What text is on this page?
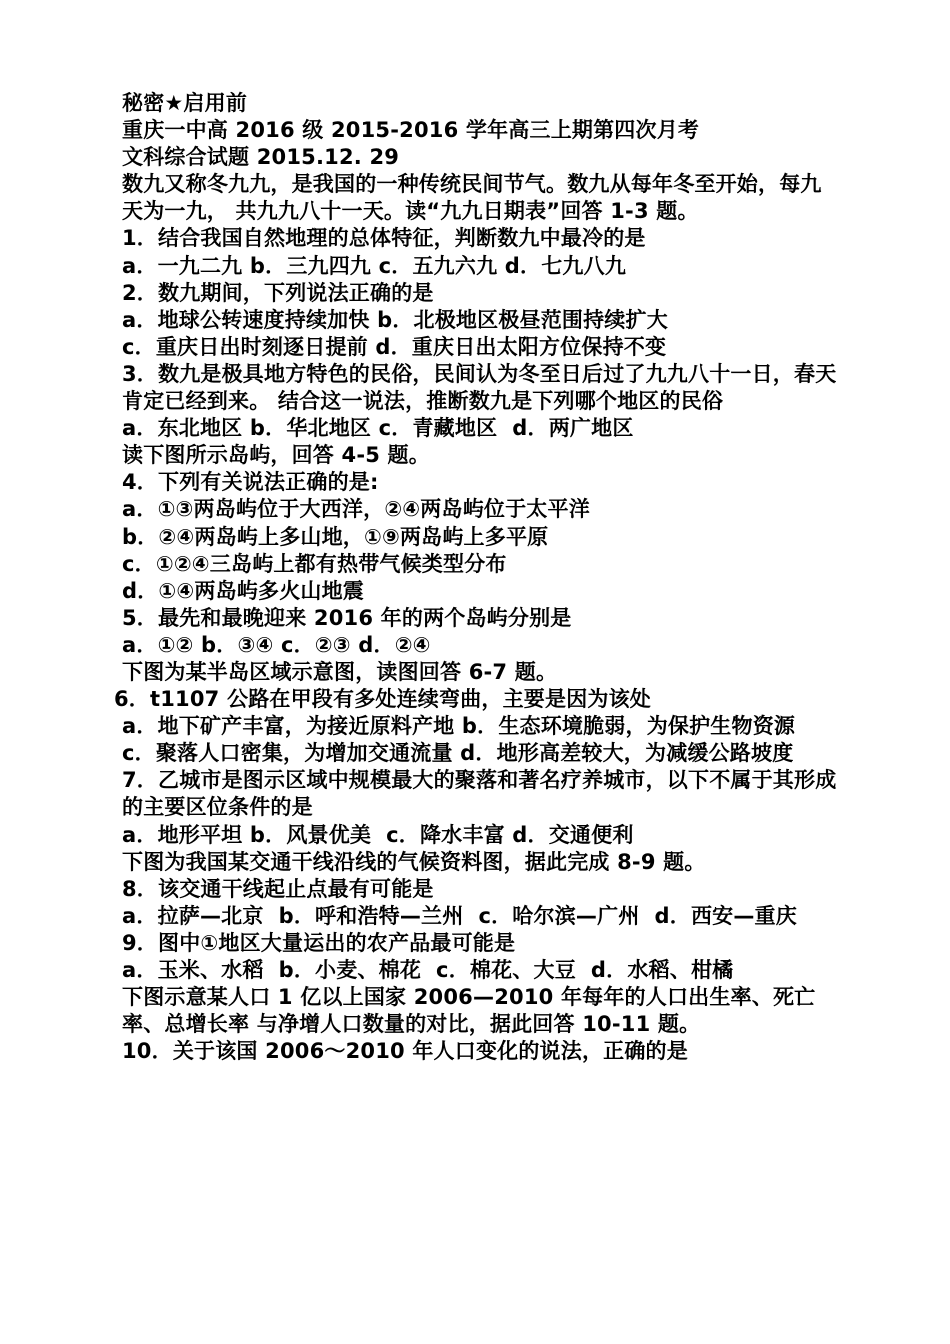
秘密★启用前
重庆一中高 2016 级 2015-2016 学年高三上期第四次月考
文科综合试题 2015.12. 29
数九又称冬九九，是我国的一种传统民间节气。数九从每年冬至开始，每九天为一九， 共九九八十一天。读“九九日期表”回答 1-3 题。
1．结合我国自然地理的总体特征，判断数九中最冷的是
a．一九二九 b．三九四九 c．五九六九 d．七九八九
2．数九期间，下列说法正确的是
a．地球公转速度持续加快 b．北极地区极昼范围持续扩大
c．重庆日出时刻逐日提前 d．重庆日出太阳方位保持不变
3．数九是极具地方特色的民俗，民间认为冬至日后过了九九八十一日，春天肯定已经到来。 结合这一说法，推断数九是下列哪个地区的民俗
a．东北地区 b．华北地区 c．青藏地区  d．两广地区
读下图所示岛屿，回答 4-5 题。
4．下列有关说法正确的是:
a．①③两岛屿位于大西洋，②④两岛屿位于太平洋
b．②④两岛屿上多山地，①⑨两岛屿上多平原
c．①②④三岛屿上都有热带气候类型分布
d．①④两岛屿多火山地震
5．最先和最晚迎来 2016 年的两个岛屿分别是
a．①② b．③④ c．②③ d．②④
下图为某半岛区域示意图，读图回答 6-7 题。
6．t1107 公路在甲段有多处连续弯曲，主要是因为该处
a．地下矿产丰富，为接近原料产地 b．生态环境脆弱，为保护生物资源
c．聚落人口密集，为增加交通流量 d．地形高差较大，为减缓公路坡度
7．乙城市是图示区域中规模最大的聚落和著名疗养城市，以下不属于其形成的主要区位条件的是
a．地形平坦 b．风景优美  c．降水丰富 d．交通便利
下图为我国某交通干线沿线的气候资料图，据此完成 8-9 题。
8．该交通干线起止点最有可能是
a．拉萨—北京  b．呼和浩特—兰州  c．哈尔滨—广州  d．西安—重庆
9．图中①地区大量运出的农产品最可能是
a．玉米、水稻  b．小麦、棉花  c．棉花、大豆  d．水稻、柑橘
下图示意某人口 1 亿以上国家 2006—2010 年每年的人口出生率、死亡率、总增长率 与净增人口数量的对比，据此回答 10-11 题。
10．关于该国 2006～2010 年人口变化的说法，正确的是
